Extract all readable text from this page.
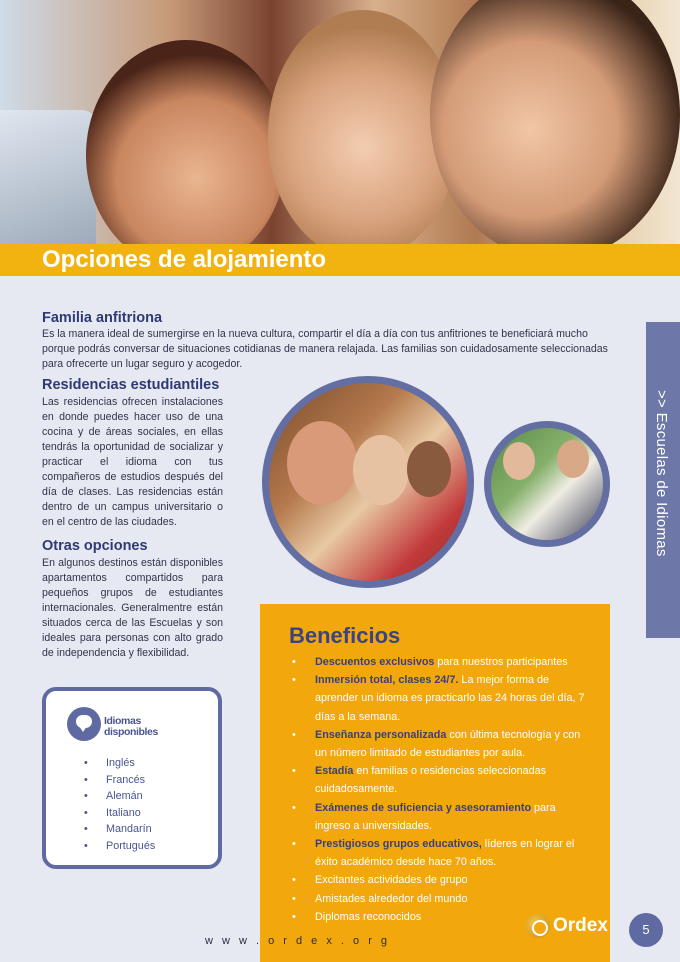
Opciones de alojamiento
Familia anfitriona
Es la manera ideal de sumergirse en la nueva cultura, compartir el día a día con tus anfitriones te beneficiará mucho
porque podrás conversar de situaciones cotidianas de manera relajada. Las familias son cuidadosamente seleccionadas
para ofrecerte un lugar seguro y acogedor.
Residencias estudiantiles
Las residencias ofrecen instalaciones en donde puedes hacer uso de una cocina y de áreas sociales, en ellas tendrás la oportunidad de socializar y practicar el idioma con tus compañeros de estudios después del día de clases. Las residencias están dentro de un campus universitario o en el centro de las ciudades.
Otras opciones
En algunos destinos están disponibles apartamentos compartidos para pequeños grupos de estudiantes internacionales. Generalmentre están situados cerca de las Escuelas y son ideales para personas con alto grado de independencia y flexibilidad.
>> Escuelas de Idiomas
Idiomas
disponibles
• Inglés
• Francés
• Alemán
• Italiano
• Mandarín
• Portugués
Beneficios
• Descuentos exclusivos para nuestros participantes
• Inmersión total, clases 24/7. La mejor forma de aprender un idioma es practicarlo las 24 horas del día, 7 días a la semana.
• Enseñanza personalizada con última tecnología y con un número limitado de estudiantes por aula.
• Estadía en familias o residencias seleccionadas cuidadosamente.
• Exámenes de suficiencia y asesoramiento para ingreso a universidades.
• Prestigiosos grupos educativos, líderes en lograr el éxito académico desde hace 70 años.
• Excitantes actividades de grupo
• Amistades alrededor del mundo
• Diplomas reconocidos
w w w . o r d e x . o r g
Ordex	5
